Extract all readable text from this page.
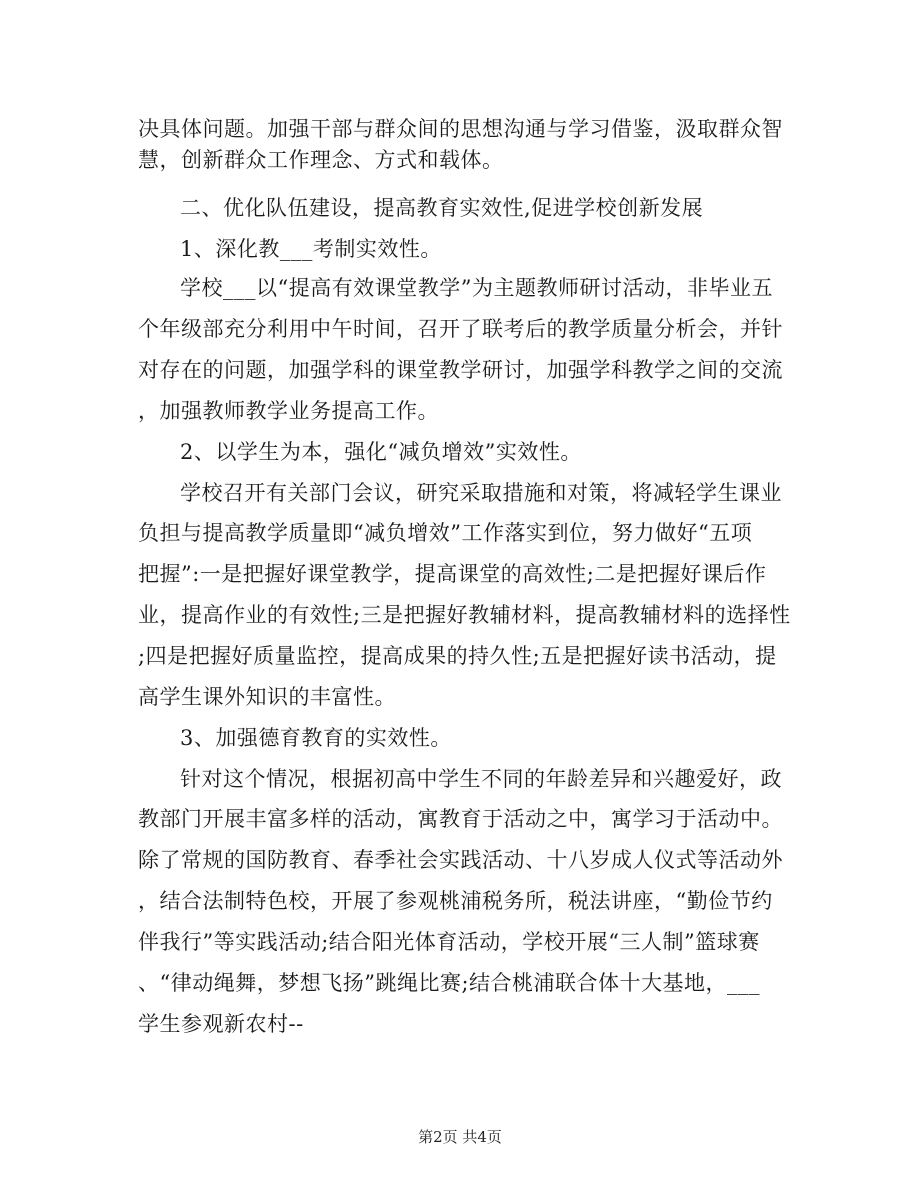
决具体问题。加强干部与群众间的思想沟通与学习借鉴，汲取群众智
慧，创新群众工作理念、方式和载体。
二、优化队伍建设，提高教育实效性,促进学校创新发展
1、深化教___考制实效性。
学校___以“提高有效课堂教学”为主题教师研讨活动，非毕业五
个年级部充分利用中午时间，召开了联考后的教学质量分析会，并针
对存在的问题，加强学科的课堂教学研讨，加强学科教学之间的交流
，加强教师教学业务提高工作。
2、以学生为本，强化“减负增效”实效性。
学校召开有关部门会议，研究采取措施和对策，将减轻学生课业
负担与提高教学质量即“减负增效”工作落实到位，努力做好“五项
把握”:一是把握好课堂教学，提高课堂的高效性;二是把握好课后作
业，提高作业的有效性;三是把握好教辅材料，提高教辅材料的选择性
;四是把握好质量监控，提高成果的持久性;五是把握好读书活动，提
高学生课外知识的丰富性。
3、加强德育教育的实效性。
针对这个情况，根据初高中学生不同的年龄差异和兴趣爱好，政
教部门开展丰富多样的活动，寓教育于活动之中，寓学习于活动中。
除了常规的国防教育、春季社会实践活动、十八岁成人仪式等活动外
，结合法制特色校，开展了参观桃浦税务所，税法讲座，“勤俭节约
伴我行”等实践活动;结合阳光体育活动，学校开展“三人制”篮球赛
、“律动绳舞，梦想飞扬”跳绳比赛;结合桃浦联合体十大基地，___
学生参观新农村--
第2页 共4页
